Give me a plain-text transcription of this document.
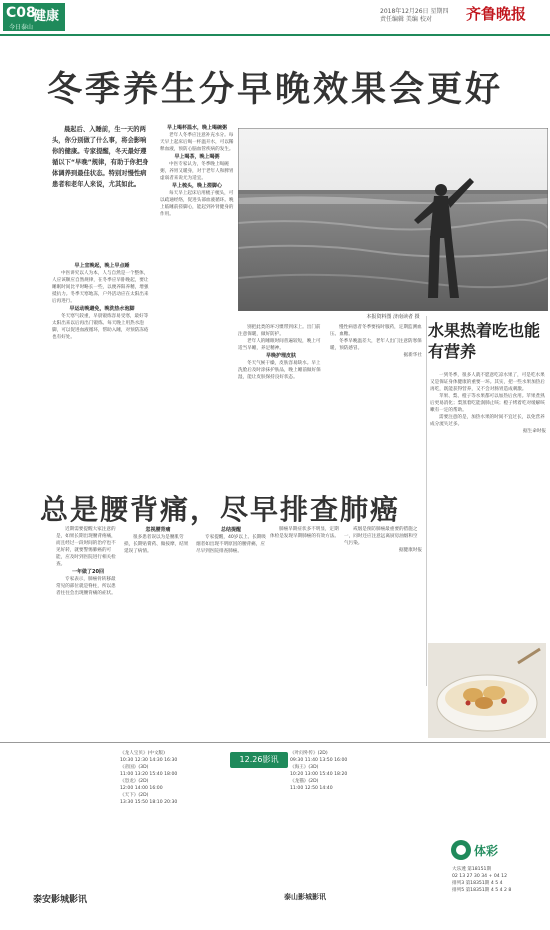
C08
健康
今日泰山
2018年12月26日 星期四
责任编辑 美编 校对	齐鲁晚报
冬季养生分早晚效果会更好
晨起后、入睡前，生一天的两头，你分别做了什么事，将会影响你的健康。专家提醒，冬天最好遵循以下“早晚”规律，有助于你把身体调养到最佳状态。特别对慢性病患者和老年人来说，尤其如此。
早上宜晚起，晚上早点睡

中医讲究以人为本，人与自然是一个整体，人应该顺应自然规律，在冬季应早卧晚起，要让睡眠时间比平时略长一些，以便养阳养精，增强抵抗力。冬季天寒地冻，户外活动应在太阳出来后再进行。

早运动晚避免，晚洗热水泡脚

冬天寒气较重，早晨锻炼容易受寒，最好等太阳出来以后再出门锻炼。每天晚上用热水泡脚，可以促进血液循环，帮助入睡，对预防冻疮也有好处。

早上喝杯温水，晚上喝碗粥

老年人冬季应注意补充水分。每天早上起床后喝一杯温开水，可以稀释血液，预防心脑血管疾病的发生。

早上喝茶，晚上喝粥

中医专家认为，冬季晚上喝碗粥，养胃又暖身，对于老年人和脾胃虚弱者来说尤为适宜。

早上梳头，晚上搓脚心

每天早上起床后用梳子梳头，可以疏通经络，促进头部血液循环。晚上临睡前搓脚心，能起到补肾健身的作用。

本报资料图 济南读者 摄

别把此类的坏习惯带到床上。出门前注意保暖，做好防护。

老年人的睡眠时间普遍较短，晚上可适当早睡，养足精神。

早晚护理皮肤

冬天气候干燥，皮肤容易缺水。早上洗脸后及时涂抹护肤品，晚上睡前做好保湿，能让皮肤保持良好状态。

慢性病患者冬季要按时服药，定期监测血压、血糖。

冬季早晚温差大，老年人出门注意防寒保暖，预防感冒。

据新华社
水果热着吃也能有营养

一到冬季，很多人就不愿意吃凉水果了，可是吃水果又是保证身体健康的重要一环。其实，把一些水果加热后再吃，既能获得营养，又不会对肠胃造成刺激。

苹果、梨、橙子等水果都可以加热后食用。苹果煮熟后更易消化；梨蒸着吃能润肺止咳；橙子烤着吃对缓解咳嗽有一定的帮助。

需要注意的是，加热水果的时间不宜过长，以免营养成分流失过多。

据生命时报
总是腰背痛，尽早排查肺癌

近期需要提醒大家注意的是，如果长期出现腰背疼痛，而且经过一段时间的治疗也不见好转，就要警惕肺癌的可能，应及时到医院进行相关检查。

一年做了20回

专家表示，肺癌骨转移最常见的部位就是脊柱，所以患者往往会出现腰背痛的症状。

忽视腰背痛

很多患者误以为是腰肌劳损，长期贴膏药、做按摩，结果延误了病情。

总结提醒

专家提醒，40岁以上、长期吸烟者如出现不明原因的腰背痛，应尽早到医院排查肺癌。

肺癌早期症状多不明显，定期体检是发现早期肺癌的有效方法。

戒烟是预防肺癌最重要的措施之一，同时还应注意远离厨房油烟和空气污染。

据健康时报
《龙人宝贝》(中文版)
10:30 12:30 14:30 16:30
《帝国》(3D)
11:00 13:20 15:40 18:00
《恐龙》(2D)
12:00 14:00 16:00
《天下》(2D)
13:30 15:50 18:10 20:30
泰安影城影讯
12.26影讯
《叶问外传》(2D)
09:30 11:40 13:50 16:00
《海王》(3D)
10:20 13:00 15:40 18:20
《龙猫》(2D)
11:00 12:50 14:40
泰山影城影讯
体彩
大乐透 第18151期
02 13 27 30 34 + 04 12
排列3 第18351期 4 5 4
排列5 第18351期 4 5 4 2 8
